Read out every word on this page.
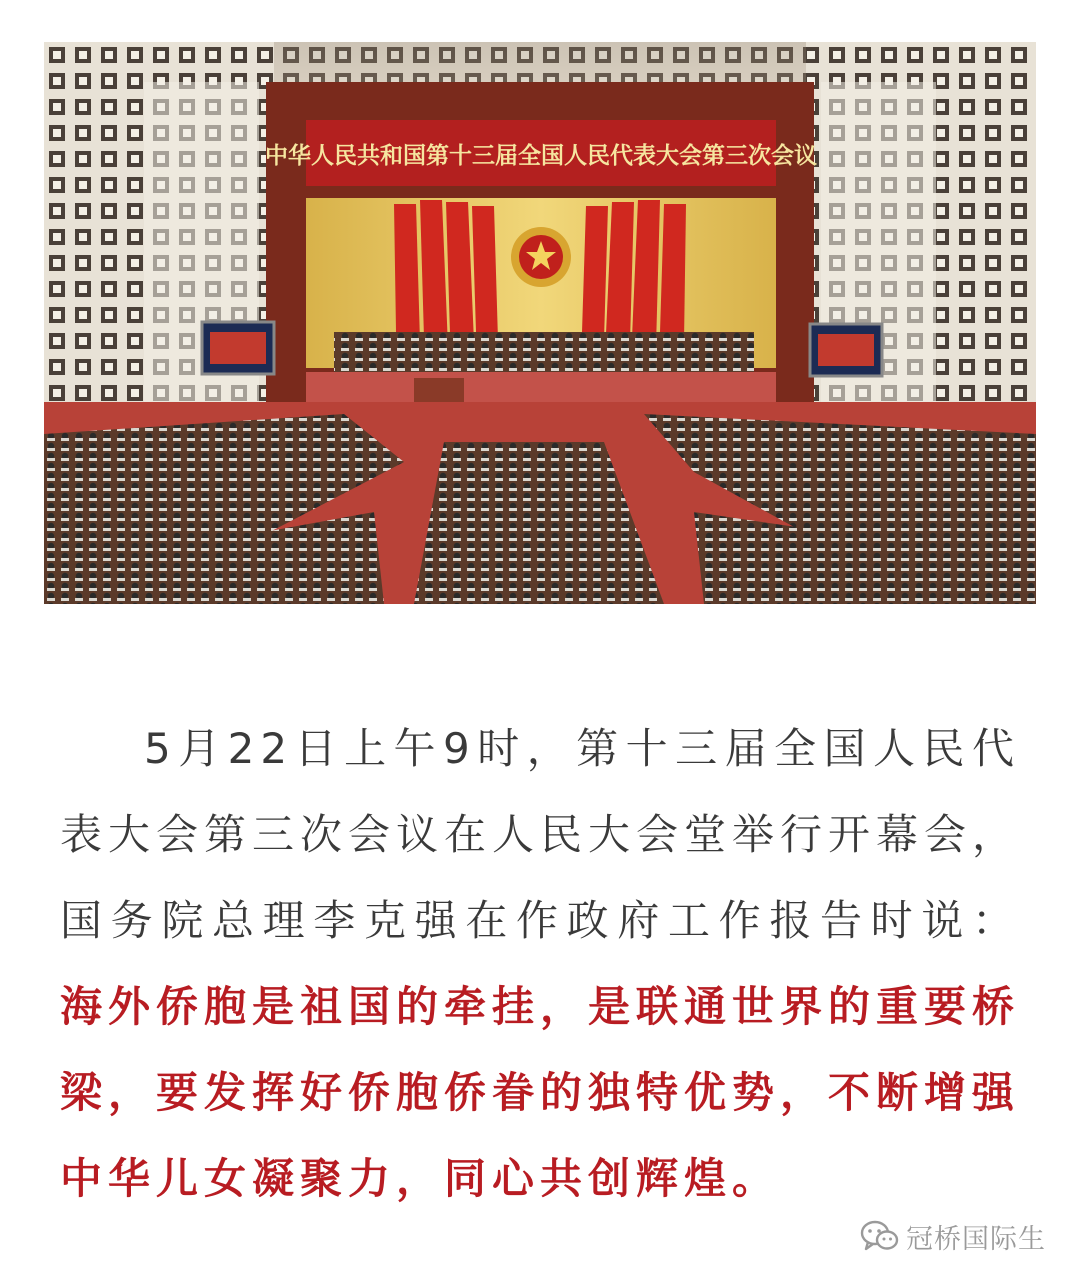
中华人民共和国第十三届全国人民代表大会第三次会议

5月22日上午9时，第十三届全国人民代表大会第三次会议在人民大会堂举行开幕会，国务院总理李克强在作政府工作报告时说：海外侨胞是祖国的牵挂，是联通世界的重要桥梁，要发挥好侨胞侨眷的独特优势，不断增强中华儿女凝聚力，同心共创辉煌。

冠桥国际生
